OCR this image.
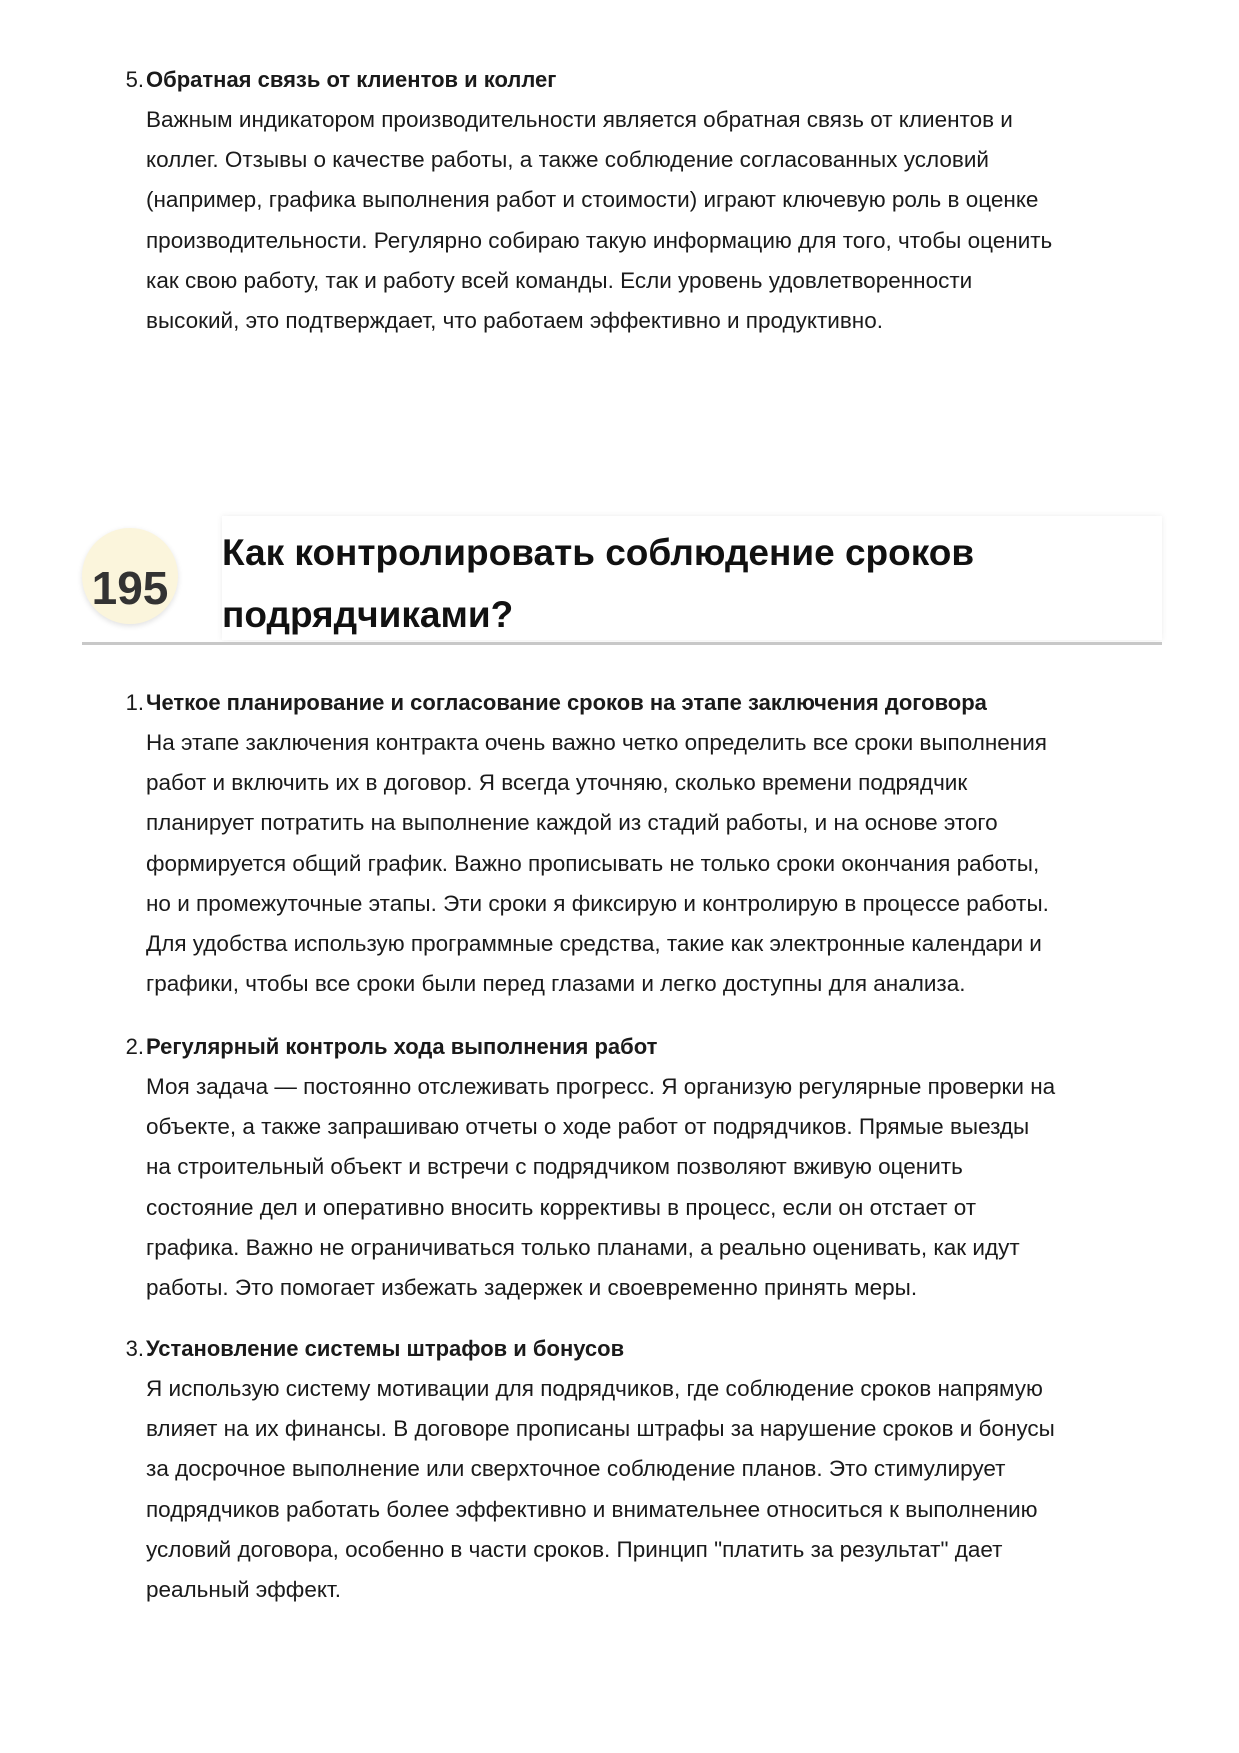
5. Обратная связь от клиентов и коллег
Важным индикатором производительности является обратная связь от клиентов и
коллег. Отзывы о качестве работы, а также соблюдение согласованных условий
(например, графика выполнения работ и стоимости) играют ключевую роль в оценке
производительности. Регулярно собираю такую информацию для того, чтобы оценить
как свою работу, так и работу всей команды. Если уровень удовлетворенности
высокий, это подтверждает, что работаем эффективно и продуктивно.
195
Как контролировать соблюдение сроков
подрядчиками?
1. Четкое планирование и согласование сроков на этапе заключения договора
На этапе заключения контракта очень важно четко определить все сроки выполнения
работ и включить их в договор. Я всегда уточняю, сколько времени подрядчик
планирует потратить на выполнение каждой из стадий работы, и на основе этого
формируется общий график. Важно прописывать не только сроки окончания работы,
но и промежуточные этапы. Эти сроки я фиксирую и контролирую в процессе работы.
Для удобства использую программные средства, такие как электронные календари и
графики, чтобы все сроки были перед глазами и легко доступны для анализа.
2. Регулярный контроль хода выполнения работ
Моя задача — постоянно отслеживать прогресс. Я организую регулярные проверки на
объекте, а также запрашиваю отчеты о ходе работ от подрядчиков. Прямые выезды
на строительный объект и встречи с подрядчиком позволяют вживую оценить
состояние дел и оперативно вносить коррективы в процесс, если он отстает от
графика. Важно не ограничиваться только планами, а реально оценивать, как идут
работы. Это помогает избежать задержек и своевременно принять меры.
3. Установление системы штрафов и бонусов
Я использую систему мотивации для подрядчиков, где соблюдение сроков напрямую
влияет на их финансы. В договоре прописаны штрафы за нарушение сроков и бонусы
за досрочное выполнение или сверхточное соблюдение планов. Это стимулирует
подрядчиков работать более эффективно и внимательнее относиться к выполнению
условий договора, особенно в части сроков. Принцип "платить за результат" дает
реальный эффект.
